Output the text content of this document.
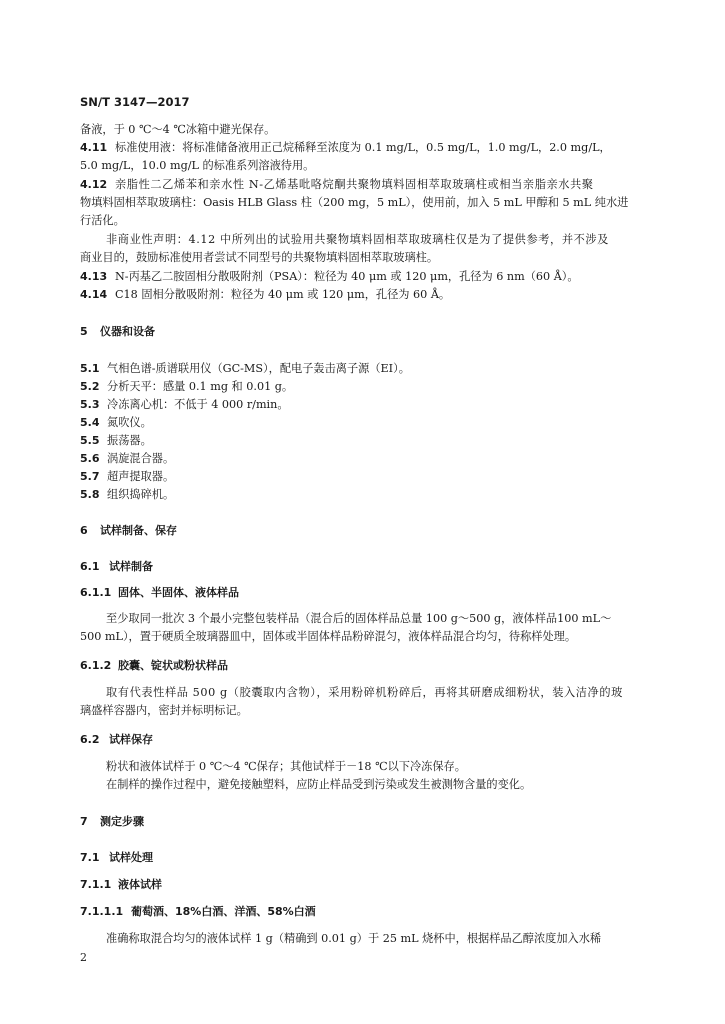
SN/T 3147—2017
备液，于 0 ℃～4 ℃冰箱中避光保存。
4.11 标准使用液：将标准储备液用正己烷稀释至浓度为 0.1 mg/L，0.5 mg/L，1.0 mg/L，2.0 mg/L，
5.0 mg/L，10.0 mg/L 的标准系列溶液待用。
4.12 亲脂性二乙烯苯和亲水性 N-乙烯基吡咯烷酮共聚物填料固相萃取玻璃柱或相当亲脂亲水共聚
物填料固相萃取玻璃柱：Oasis HLB Glass 柱（200 mg，5 mL），使用前，加入 5 mL 甲醇和 5 mL 纯水进
行活化。
非商业性声明：4.12 中所列出的试验用共聚物填料固相萃取玻璃柱仅是为了提供参考，并不涉及
商业目的，鼓励标准使用者尝试不同型号的共聚物填料固相萃取玻璃柱。
4.13 N-丙基乙二胺固相分散吸附剂（PSA）：粒径为 40 μm 或 120 μm，孔径为 6 nm（60 Å）。
4.14 C18 固相分散吸附剂：粒径为 40 μm 或 120 μm，孔径为 60 Å。
5 仪器和设备
5.1 气相色谱-质谱联用仪（GC-MS），配电子轰击离子源（EI）。
5.2 分析天平：感量 0.1 mg 和 0.01 g。
5.3 冷冻离心机：不低于 4 000 r/min。
5.4 氮吹仪。
5.5 振荡器。
5.6 涡旋混合器。
5.7 超声提取器。
5.8 组织捣碎机。
6 试样制备、保存
6.1 试样制备
6.1.1 固体、半固体、液体样品
至少取同一批次 3 个最小完整包装样品（混合后的固体样品总量 100 g～500 g，液体样品100 mL～
500 mL），置于硬质全玻璃器皿中，固体或半固体样品粉碎混匀，液体样品混合均匀，待称样处理。
6.1.2 胶囊、锭状或粉状样品
取有代表性样品 500 g（胶囊取内含物），采用粉碎机粉碎后，再将其研磨成细粉状，装入洁净的玻
璃盛样容器内，密封并标明标记。
6.2 试样保存
粉状和液体试样于 0 ℃～4 ℃保存；其他试样于－18 ℃以下冷冻保存。
在制样的操作过程中，避免接触塑料，应防止样品受到污染或发生被测物含量的变化。
7 测定步骤
7.1 试样处理
7.1.1 液体试样
7.1.1.1 葡萄酒、18%白酒、洋酒、58%白酒
准确称取混合均匀的液体试样 1 g（精确到 0.01 g）于 25 mL 烧杯中，根据样品乙醇浓度加入水稀
2
